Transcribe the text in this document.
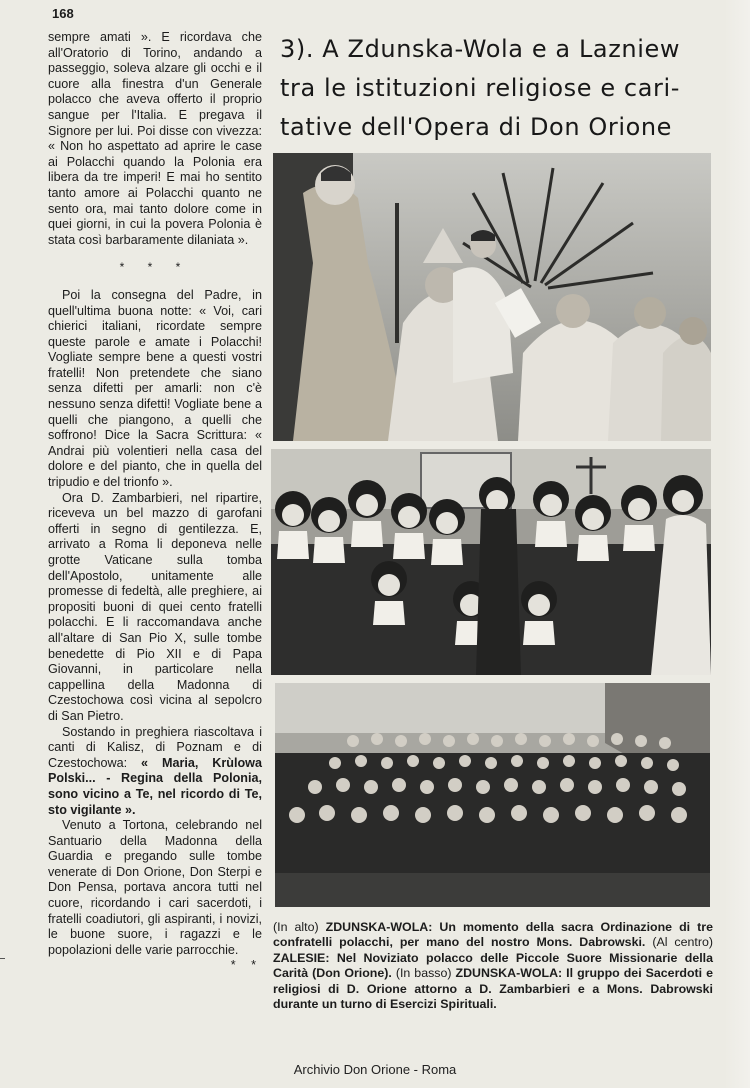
168

sempre amati ». E ricordava che all'Oratorio di Torino, andando a passeggio, soleva alzare gli occhi e il cuore alla finestra d'un Generale polacco che aveva offerto il proprio sangue per l'Italia. E pregava il Signore per lui. Poi disse con vivezza: « Non ho aspettato ad aprire le case ai Polacchi quando la Polonia era libera da tre imperi! E mai ho sentito tanto amore ai Polacchi quanto ne sento ora, mai tanto dolore come in quei giorni, in cui la povera Polonia è stata così barbaramente dilaniata ».

* * *

Poi la consegna del Padre, in quell'ultima buona notte: « Voi, cari chierici italiani, ricordate sempre queste parole e amate i Polacchi! Vogliate sempre bene a questi vostri fratelli! Non pretendete che siano senza difetti per amarli: non c'è nessuno senza difetti! Vogliate bene a quelli che piangono, a quelli che soffrono! Dice la Sacra Scrittura: « Andrai più volentieri nella casa del dolore e del pianto, che in quella del tripudio e del trionfo ».

Ora D. Zambarbieri, nel ripartire, riceveva un bel mazzo di garofani offerti in segno di gentilezza. E, arrivato a Roma li deponeva nelle grotte Vaticane sulla tomba dell'Apostolo, unitamente alle promesse di fedeltà, alle preghiere, ai propositi buoni di quei cento fratelli polacchi. E li raccomandava anche all'altare di San Pio X, sulle tombe benedette di Pio XII e di Papa Giovanni, in particolare nella cappellina della Madonna di Czestochowa così vicina al sepolcro di San Pietro.

Sostando in preghiera riascoltava i canti di Kalisz, di Poznam e di Czestochowa: « Maria, Krùlowa Polski... - Regina della Polonia, sono vicino a Te, nel ricordo di Te, sto vigilante ».

Venuto a Tortona, celebrando nel Santuario della Madonna della Guardia e pregando sulle tombe venerate di Don Orione, Don Sterpi e Don Pensa, portava ancora tutti nel cuore, ricordando i cari sacerdoti, i fratelli coadiutori, gli aspiranti, i novizi, le buone suore, i ragazzi e le popolazioni delle varie parrocchie.
* *

3). A Zdunska-Wola e a Lazniew
tra le istituzioni religiose e cari-
tative dell'Opera di Don Orione
(In alto) ZDUNSKA-WOLA: Un momento della sacra Ordinazione di tre confratelli polacchi, per mano del nostro Mons. Dabrowski. (Al centro) ZALESIE: Nel Noviziato polacco delle Piccole Suore Missionarie della Carità (Don Orione). (In basso) ZDUNSKA-WOLA: Il gruppo dei Sacerdoti e religiosi di D. Orione attorno a D. Zambarbieri e a Mons. Dabrowski durante un turno di Esercizi Spirituali.
Archivio Don Orione - Roma
